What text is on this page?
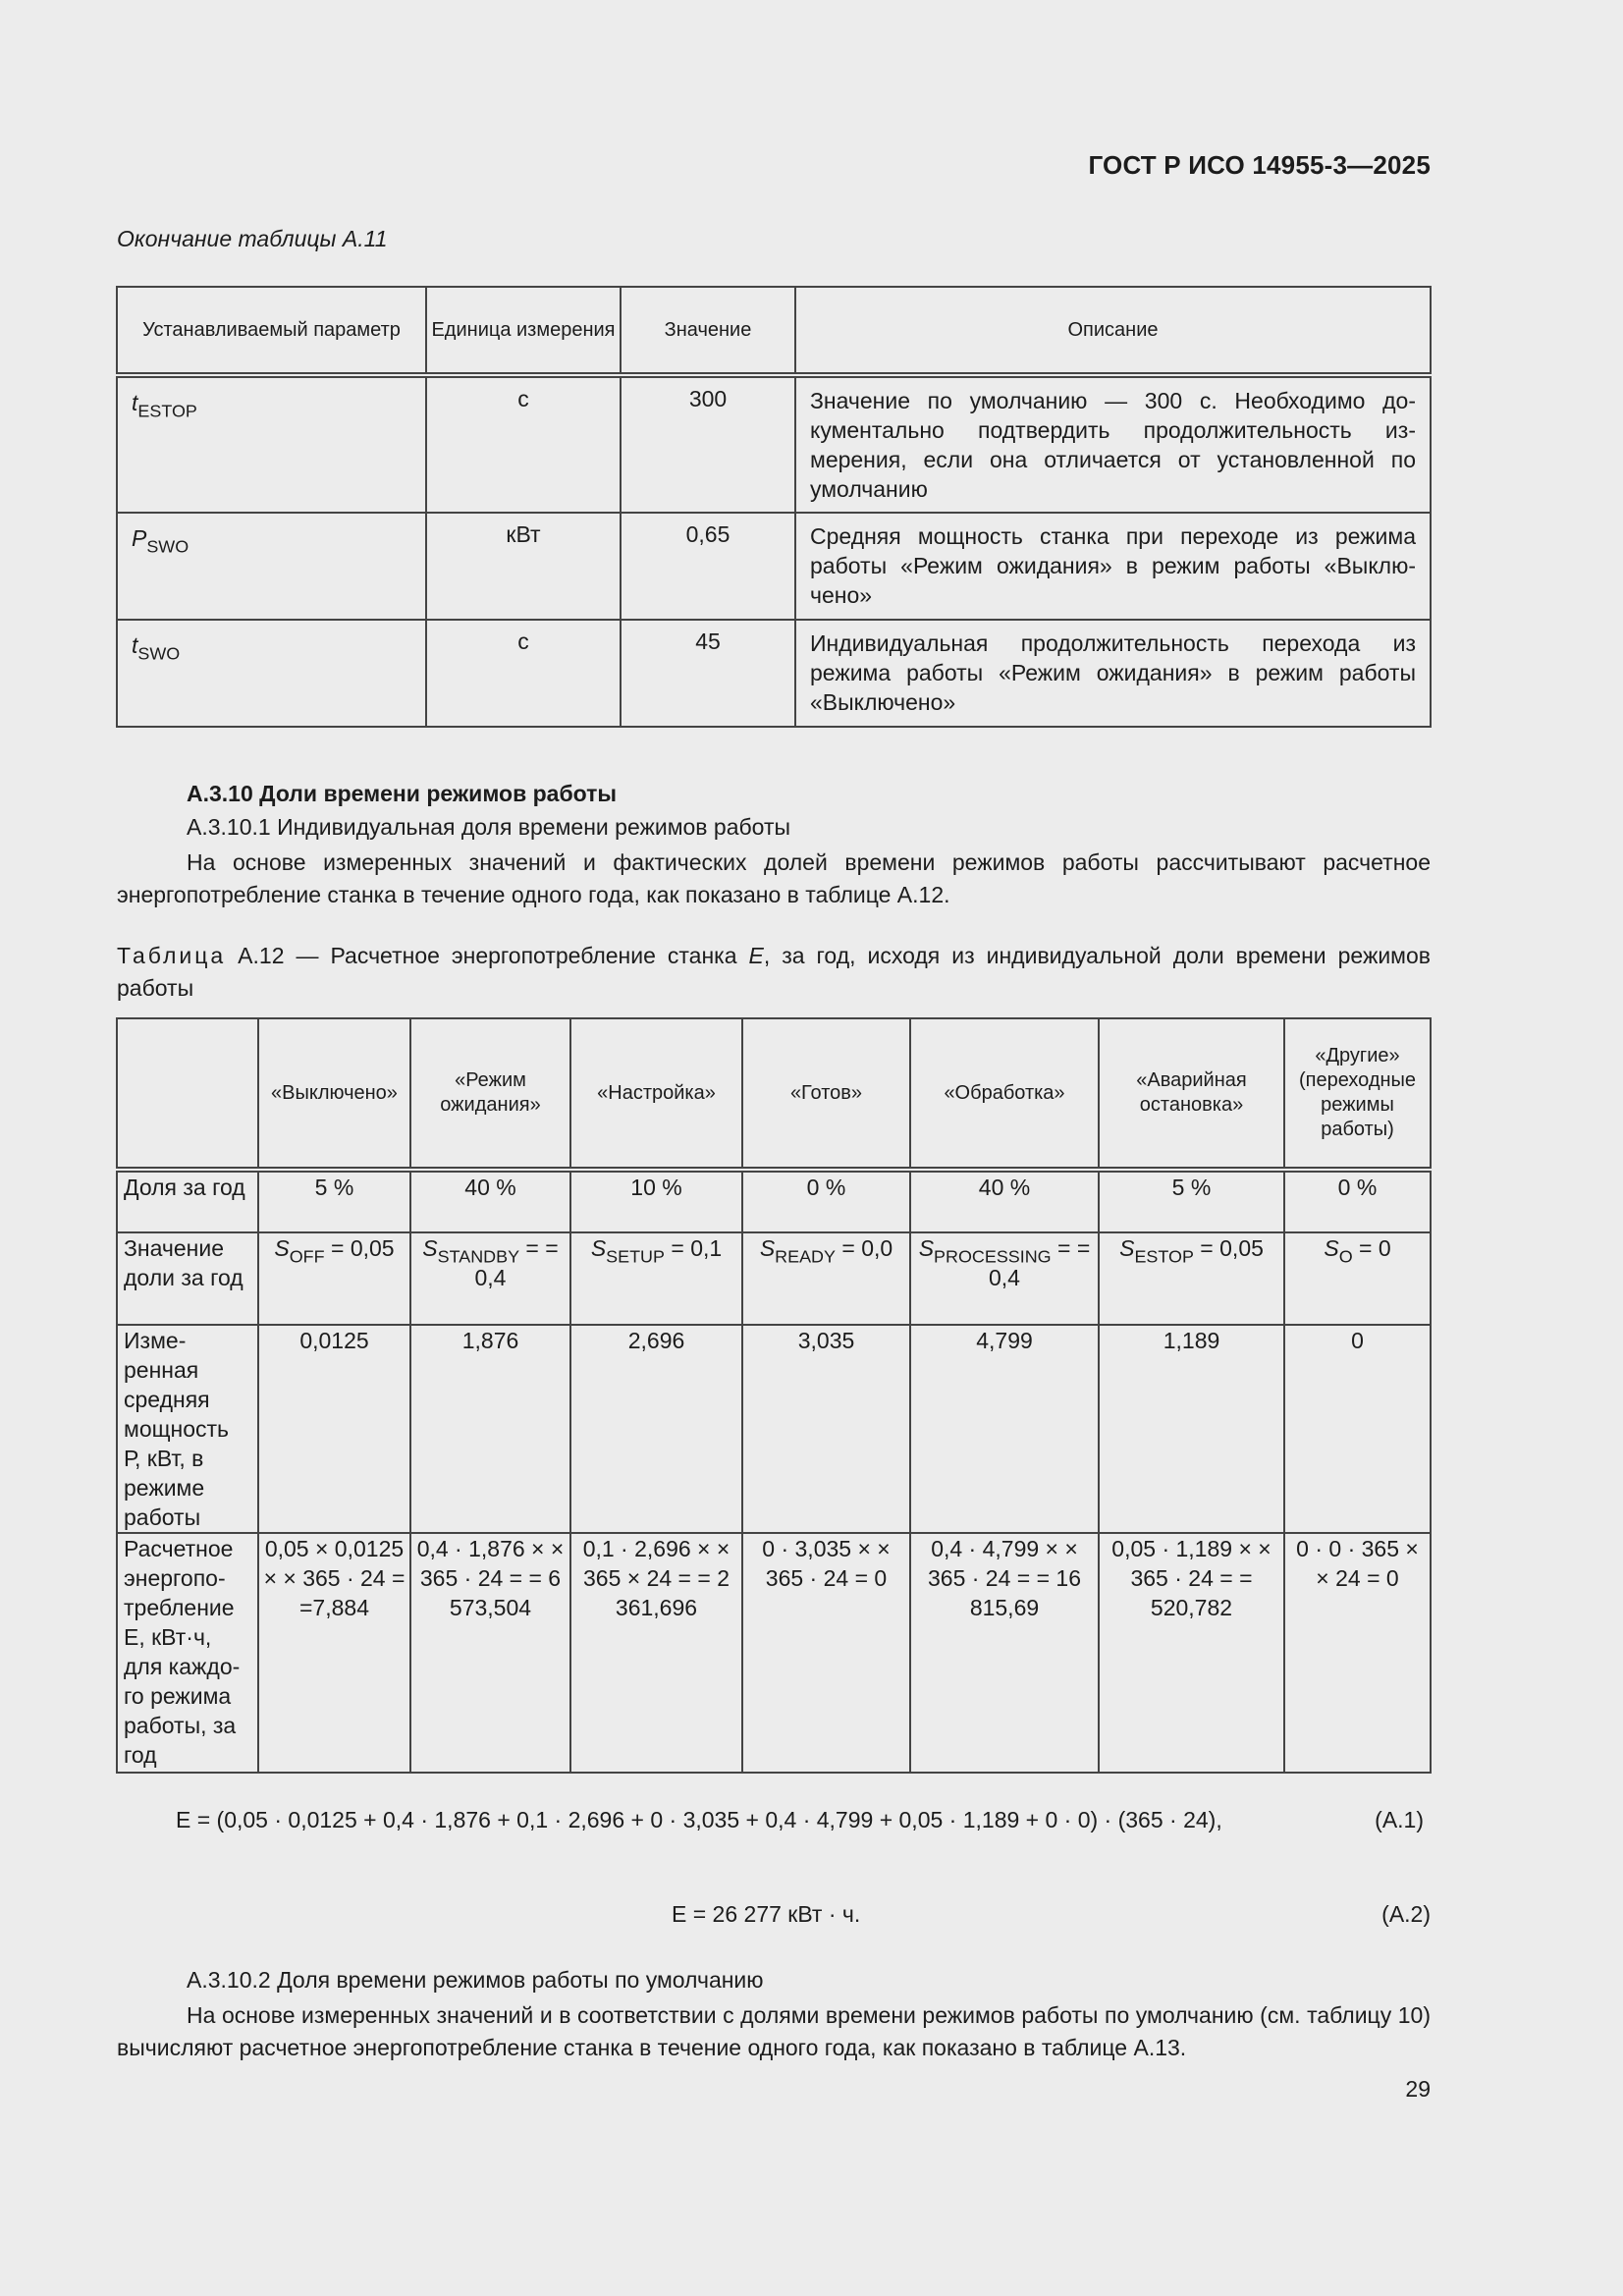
ГОСТ Р ИСО 14955-3—2025
Окончание таблицы А.11
Устанавливаемый параметр	Единица измерения	Значение	Описание
$t_{ESTOP}$	с	300	Значение по умолчанию — 300 с. Необходимо документально подтвердить продолжительность измерения, если она отличается от установленной по умолчанию
$P_{SWO}$	кВт	0,65	Средняя мощность станка при переходе из режима работы «Режим ожидания» в режим работы «Выключено»
$t_{SWO}$	с	45	Индивидуальная продолжительность перехода из режима работы «Режим ожидания» в режим работы «Выключено»
А.3.10 Доли времени режимов работы
А.3.10.1 Индивидуальная доля времени режимов работы
На основе измеренных значений и фактических долей времени режимов работы рассчитывают расчетное энергопотребление станка в течение одного года, как показано в таблице А.12.
Таблица А.12 — Расчетное энергопотребление станка E, за год, исходя из индивидуальной доли времени режимов работы
	«Выключено»	«Режим ожидания»	«Настройка»	«Готов»	«Обработка»	«Аварийная остановка»	«Другие» (переходные режимы работы)
Доля за год	5 %	40 %	10 %	0 %	40 %	5 %	0 %
Значение доли за год	$S_{OFF} = 0,05$	$S_{STANDBY}$ = = 0,4	$S_{SETUP} = 0,1$	$S_{READY} = 0,0$	$S_{PROCESSING}$ = = 0,4	$S_{ESTOP} = 0,05$	$S_O = 0$
Измеренная средняя мощность Р, кВт, в режиме работы	0,0125	1,876	2,696	3,035	4,799	1,189	0
Расчетное энергопотребление Е, кВт·ч, для каждого режима работы, за год	0,05 × 0,0125 × × 365 · 24 = =7,884	0,4 · 1,876 × × 365 · 24 = = 6 573,504	0,1 · 2,696 × × 365 × 24 = = 2 361,696	0 · 3,035 × × 365 · 24 = 0	0,4 · 4,799 × × 365 · 24 = = 16 815,69	0,05 · 1,189 × × 365 · 24 = = 520,782	0 · 0 · 365 × × 24 = 0
E = (0,05 · 0,0125 + 0,4 · 1,876 + 0,1 · 2,696 + 0 · 3,035 + 0,4 · 4,799 + 0,05 · 1,189 + 0 · 0) · (365 · 24),	(А.1)
E = 26 277 кВт · ч.	(А.2)
А.3.10.2 Доля времени режимов работы по умолчанию
На основе измеренных значений и в соответствии с долями времени режимов работы по умолчанию (см. таблицу 10) вычисляют расчетное энергопотребление станка в течение одного года, как показано в таблице А.13.
29
